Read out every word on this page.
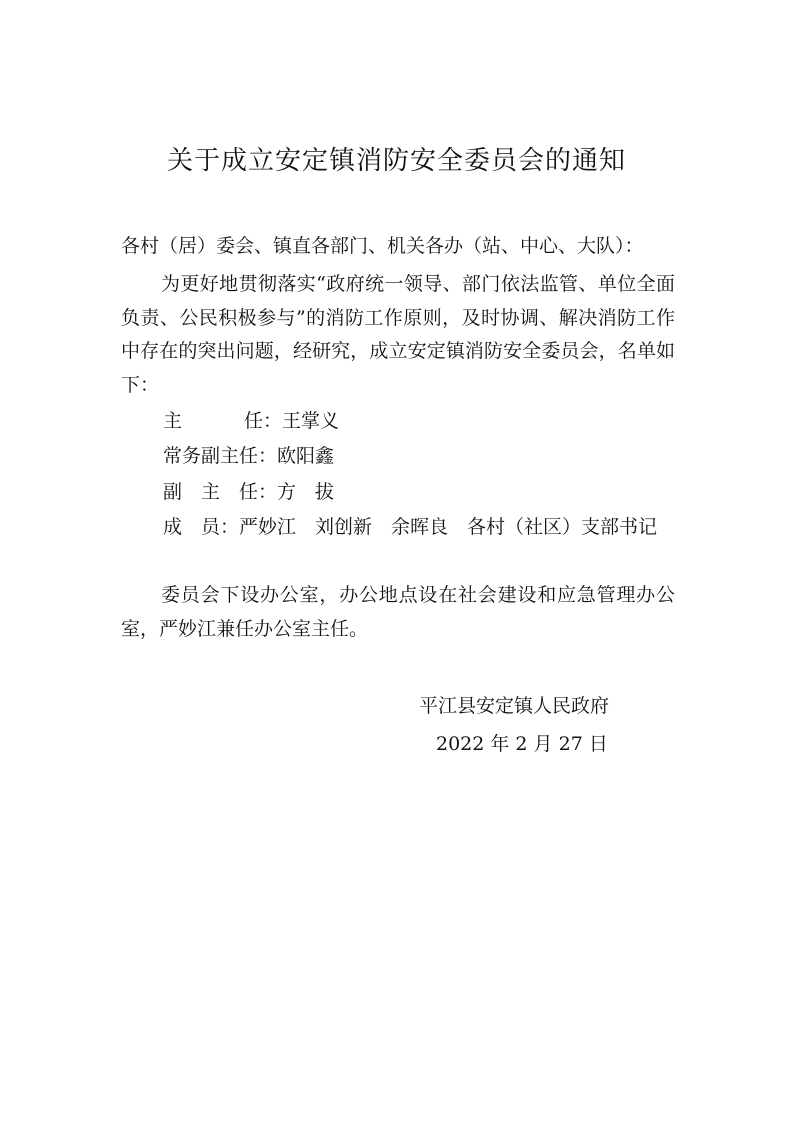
关于成立安定镇消防安全委员会的通知
各村（居）委会、镇直各部门、机关各办（站、中心、大队）：
为更好地贯彻落实“政府统一领导、部门依法监管、单位全面负责、公民积极参与”的消防工作原则，及时协调、解决消防工作中存在的突出问题，经研究，成立安定镇消防安全委员会，名单如下：
主	任：王掌义
常务副主任：欧阳鑫
副 主 任：方　拔
成　员：严妙江　刘创新　余晖良　各村（社区）支部书记
委员会下设办公室，办公地点设在社会建设和应急管理办公室，严妙江兼任办公室主任。
平江县安定镇人民政府
2022 年 2 月 27 日
